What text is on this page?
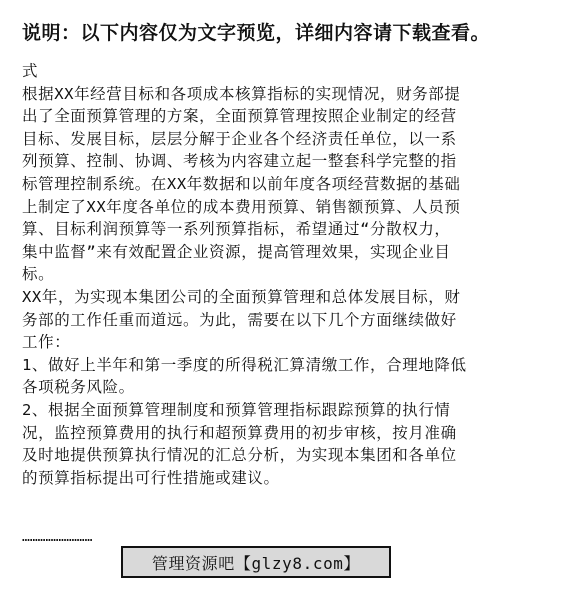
说明：以下内容仅为文字预览，详细内容请下载查看。

式

根据XX年经营目标和各项成本核算指标的实现情况，财务部提

出了全面预算管理的方案，全面预算管理按照企业制定的经营

目标、发展目标，层层分解于企业各个经济责任单位，以一系

列预算、控制、协调、考核为内容建立起一整套科学完整的指

标管理控制系统。在XX年数据和以前年度各项经营数据的基础

上制定了XX年度各单位的成本费用预算、销售额预算、人员预

算、目标利润预算等一系列预算指标，希望通过“分散权力，

集中监督”来有效配置企业资源，提高管理效果，实现企业目

标。

XX年，为实现本集团公司的全面预算管理和总体发展目标，财

务部的工作任重而道远。为此，需要在以下几个方面继续做好

工作：

1、做好上半年和第一季度的所得税汇算清缴工作，合理地降低

各项税务风险。

2、根据全面预算管理制度和预算管理指标跟踪预算的执行情

况，监控预算费用的执行和超预算费用的初步审核，按月准确

及时地提供预算执行情况的汇总分析，为实现本集团和各单位

的预算指标提出可行性措施或建议。

………………………
管理资源吧【glzy8.com】
